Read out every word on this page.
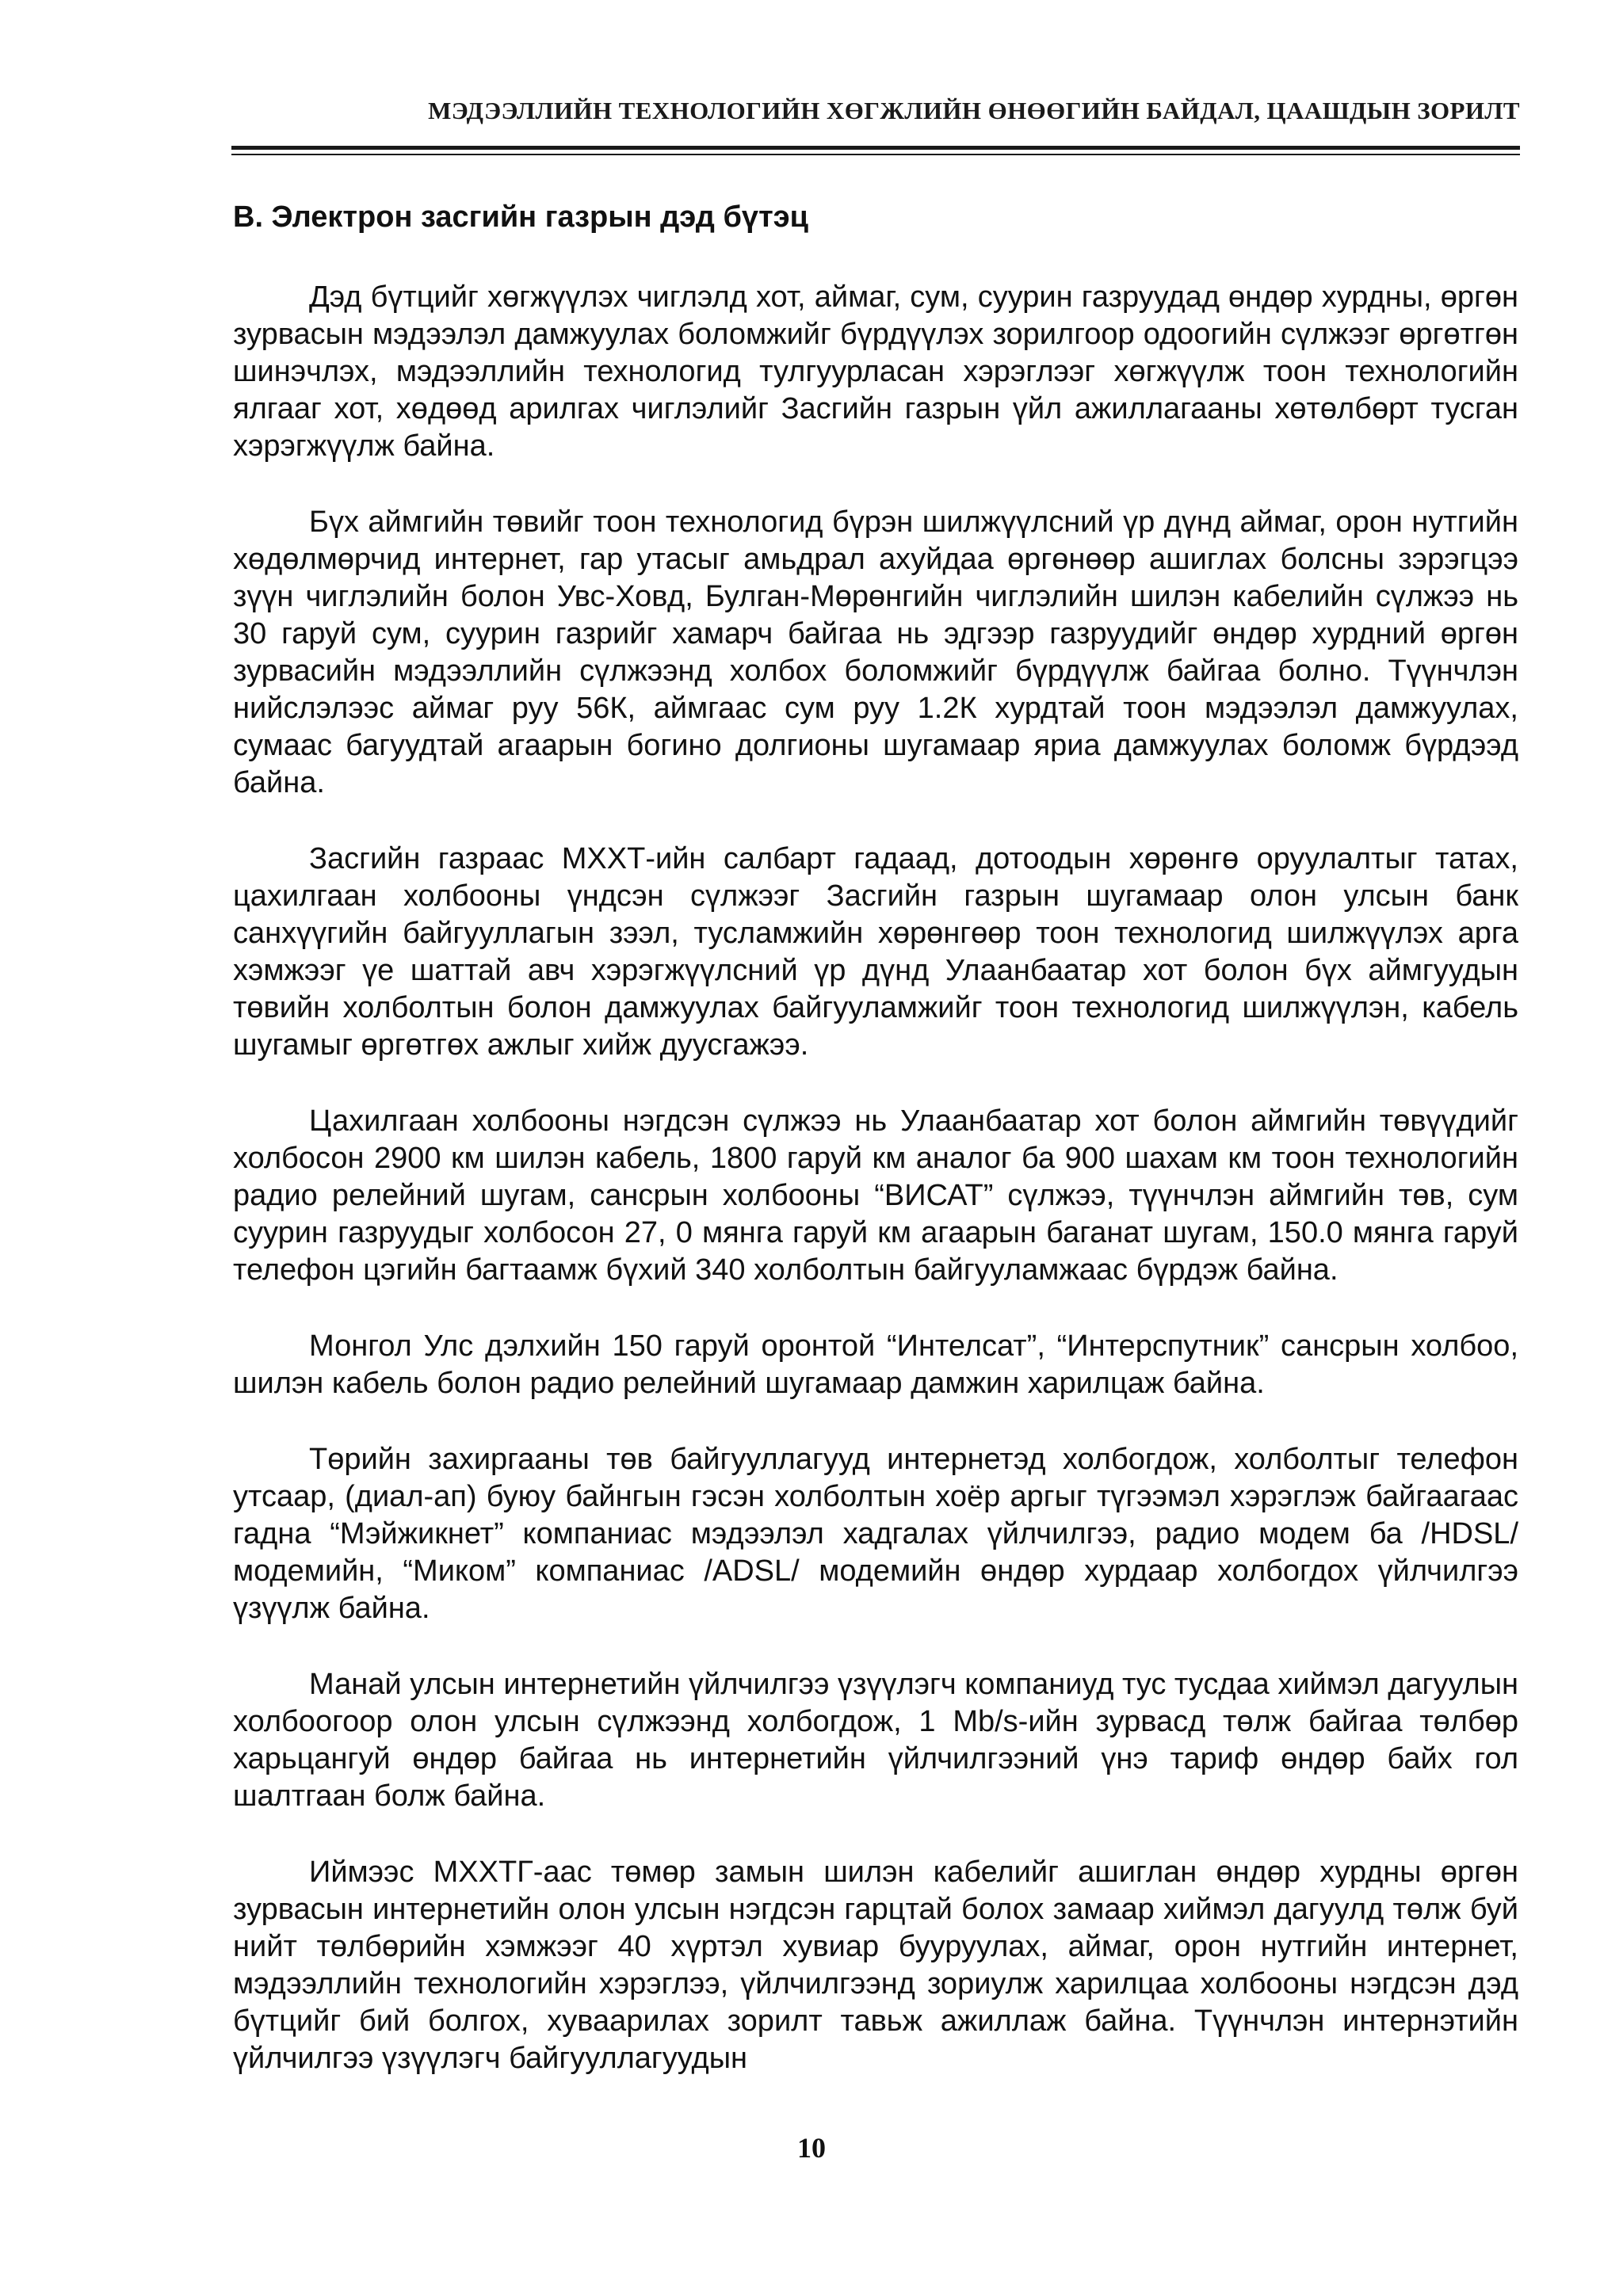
МЭДЭЭЛЛИЙН ТЕХНОЛОГИЙН ХӨГЖЛИЙН ӨНӨӨГИЙН БАЙДАЛ, ЦААШДЫН ЗОРИЛТ
B. Электрон засгийн газрын дэд бүтэц

Дэд бүтцийг хөгжүүлэх чиглэлд хот, аймаг, сум, суурин газруудад өндөр хурдны, өргөн зурвасын мэдээлэл дамжуулах боломжийг бүрдүүлэх зорилгоор одоогийн сүлжээг өргөтгөн шинэчлэх, мэдээллийн технологид тулгуурласан хэрэглээг хөгжүүлж тоон технологийн ялгааг хот, хөдөөд арилгах чиглэлийг Засгийн газрын үйл ажиллагааны хөтөлбөрт тусган хэрэгжүүлж байна.

Бүх аймгийн төвийг тоон технологид бүрэн шилжүүлсний үр дүнд аймаг, орон нутгийн хөдөлмөрчид интернет, гар утасыг амьдрал ахуйдаа өргөнөөр ашиглах болсны зэрэгцээ зүүн чиглэлийн болон Увс-Ховд, Булган-Мөрөнгийн чиглэлийн шилэн кабелийн сүлжээ нь 30 гаруй сум, суурин газрийг хамарч байгаа нь эдгээр газруудийг өндөр хурдний өргөн зурвасийн мэдээллийн сүлжээнд холбох боломжийг бүрдүүлж байгаа болно. Түүнчлэн нийслэлээс аймаг руу 56К, аймгаас сум руу 1.2К хурдтай тоон мэдээлэл дамжуулах, сумаас багуудтай агаарын богино долгионы шугамаар яриа дамжуулах боломж бүрдээд байна.

Засгийн газраас МХХТ-ийн салбарт гадаад, дотоодын хөрөнгө оруулалтыг татах, цахилгаан холбооны үндсэн сүлжээг Засгийн газрын шугамаар олон улсын банк санхүүгийн байгууллагын зээл, тусламжийн хөрөнгөөр тоон технологид шилжүүлэх арга хэмжээг үе шаттай авч хэрэгжүүлсний үр дүнд Улаанбаатар хот болон бүх аймгуудын төвийн холболтын болон дамжуулах байгууламжийг тоон технологид шилжүүлэн, кабель шугамыг өргөтгөх ажлыг хийж дуусгажээ.

Цахилгаан холбооны нэгдсэн сүлжээ нь Улаанбаатар хот болон аймгийн төвүүдийг холбосон 2900 км шилэн кабель, 1800 гаруй км аналог ба 900 шахам км тоон технологийн радио релейний шугам, сансрын холбооны “ВИСАТ” сүлжээ, түүнчлэн аймгийн төв, сум суурин газруудыг холбосон 27, 0 мянга гаруй км агаарын баганат шугам, 150.0 мянга гаруй телефон цэгийн багтаамж бүхий 340 холболтын байгууламжаас бүрдэж байна.

Монгол Улс дэлхийн 150 гаруй оронтой “Интелсат”, “Интерспутник” сансрын холбоо, шилэн кабель болон радио релейний шугамаар дамжин харилцаж байна.

Төрийн захиргааны төв байгууллагууд интернетэд холбогдож, холболтыг телефон утсаар, (диал-ап) буюу байнгын гэсэн холболтын хоёр аргыг түгээмэл хэрэглэж байгаагаас гадна “Мэйжикнет” компаниас мэдээлэл хадгалах үйлчилгээ, радио модем ба /HDSL/ модемийн, “Миком” компаниас /ADSL/ модемийн өндөр хурдаар холбогдох үйлчилгээ үзүүлж байна.

Манай улсын интернетийн үйлчилгээ үзүүлэгч компаниуд тус тусдаа хиймэл дагуулын холбоогоор олон улсын сүлжээнд холбогдож, 1 Mb/s-ийн зурвасд төлж байгаа төлбөр харьцангуй өндөр байгаа нь интернетийн үйлчилгээний үнэ тариф өндөр байх гол шалтгаан болж байна.

Иймээс МХХТГ-аас төмөр замын шилэн кабелийг ашиглан өндөр хурдны өргөн зурвасын интернетийн олон улсын нэгдсэн гарцтай болох замаар хиймэл дагуулд төлж буй нийт төлбөрийн хэмжээг 40 хүртэл хувиар бууруулах, аймаг, орон нутгийн интернет, мэдээллийн технологийн хэрэглээ, үйлчилгээнд зориулж харилцаа холбооны нэгдсэн дэд бүтцийг бий болгох, хуваарилах зорилт тавьж ажиллаж байна. Түүнчлэн интернэтийн үйлчилгээ үзүүлэгч байгууллагуудын

10
